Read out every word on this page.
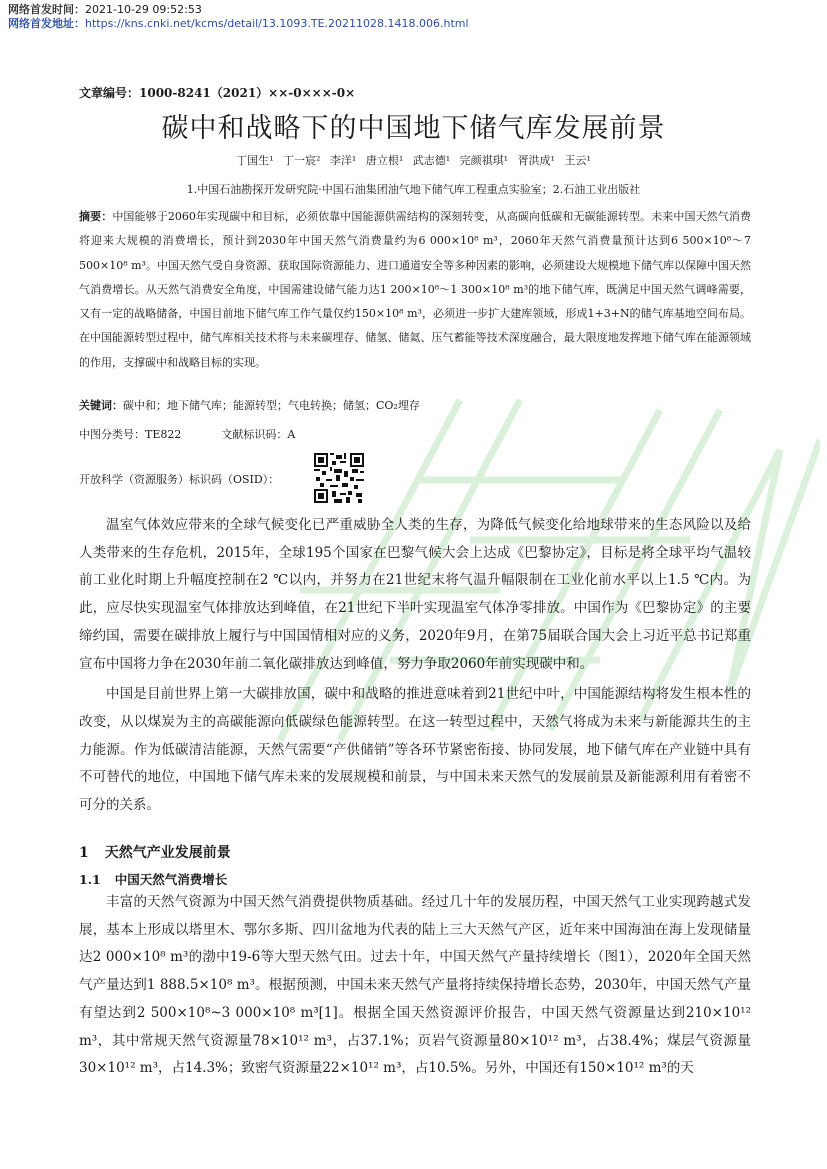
网络首发时间：2021-10-29 09:52:53
网络首发地址：https://kns.cnki.net/kcms/detail/13.1093.TE.20211028.1418.006.html
文章编号：1000-8241（2021）××-0×××-0×
碳中和战略下的中国地下储气库发展前景
丁国生¹ 丁一宸² 李洋¹ 唐立根¹ 武志德¹ 完颜祺琪¹ 胥洪成¹ 王云¹
1.中国石油勘探开发研究院·中国石油集团油气地下储气库工程重点实验室；2.石油工业出版社
摘要：中国能够于2060年实现碳中和目标，必须依靠中国能源供需结构的深刻转变，从高碳向低碳和无碳能源转型。未来中国天然气消费将迎来大规模的消费增长，预计到2030年中国天然气消费量约为6 000×10⁸ m³，2060年天然气消费量预计达到6 500×10⁸～7 500×10⁸ m³。中国天然气受自身资源、获取国际资源能力、进口通道安全等多种因素的影响，必须建设大规模地下储气库以保障中国天然气消费增长。从天然气消费安全角度，中国需建设储气能力达1 200×10⁸～1 300×10⁸ m³的地下储气库，既满足中国天然气调峰需要，又有一定的战略储备，中国目前地下储气库工作气量仅约150×10⁸ m³，必须进一步扩大建库领域，形成1+3+N的储气库基地空间布局。在中国能源转型过程中，储气库相关技术将与未来碳埋存、储氢、储氦、压气蓄能等技术深度融合，最大限度地发挥地下储气库在能源领域的作用，支撑碳中和战略目标的实现。
关键词：碳中和；地下储气库；能源转型；气电转换；储氢；CO₂埋存
中图分类号：TE822	文献标识码：A
开放科学（资源服务）标识码（OSID）：

温室气体效应带来的全球气候变化已严重威胁全人类的生存，为降低气候变化给地球带来的生态风险以及给人类带来的生存危机，2015年，全球195个国家在巴黎气候大会上达成《巴黎协定》，目标是将全球平均气温较前工业化时期上升幅度控制在2 ℃以内，并努力在21世纪末将气温升幅限制在工业化前水平以上1.5 ℃内。为此，应尽快实现温室气体排放达到峰值，在21世纪下半叶实现温室气体净零排放。中国作为《巴黎协定》的主要缔约国，需要在碳排放上履行与中国国情相对应的义务，2020年9月，在第75届联合国大会上习近平总书记郑重宣布中国将力争在2030年前二氧化碳排放达到峰值，努力争取2060年前实现碳中和。

中国是目前世界上第一大碳排放国，碳中和战略的推进意味着到21世纪中叶，中国能源结构将发生根本性的改变，从以煤炭为主的高碳能源向低碳绿色能源转型。在这一转型过程中，天然气将成为未来与新能源共生的主力能源。作为低碳清洁能源，天然气需要“产供储销”等各环节紧密衔接、协同发展，地下储气库在产业链中具有不可替代的地位，中国地下储气库未来的发展规模和前景，与中国未来天然气的发展前景及新能源利用有着密不可分的关系。

1 天然气产业发展前景
1.1 中国天然气消费增长

丰富的天然气资源为中国天然气消费提供物质基础。经过几十年的发展历程，中国天然气工业实现跨越式发展，基本上形成以塔里木、鄂尔多斯、四川盆地为代表的陆上三大天然气产区，近年来中国海油在海上发现储量达2 000×10⁸ m³的渤中19-6等大型天然气田。过去十年，中国天然气产量持续增长（图1），2020年全国天然气产量达到1 888.5×10⁸ m³。根据预测，中国未来天然气产量将持续保持增长态势，2030年，中国天然气产量有望达到2 500×10⁸~3 000×10⁸ m³[1]。根据全国天然资源评价报告，中国天然气资源量达到210×10¹² m³，其中常规天然气资源量78×10¹² m³，占37.1%；页岩气资源量80×10¹² m³，占38.4%；煤层气资源量30×10¹² m³，占14.3%；致密气资源量22×10¹² m³，占10.5%。另外，中国还有150×10¹² m³的天
